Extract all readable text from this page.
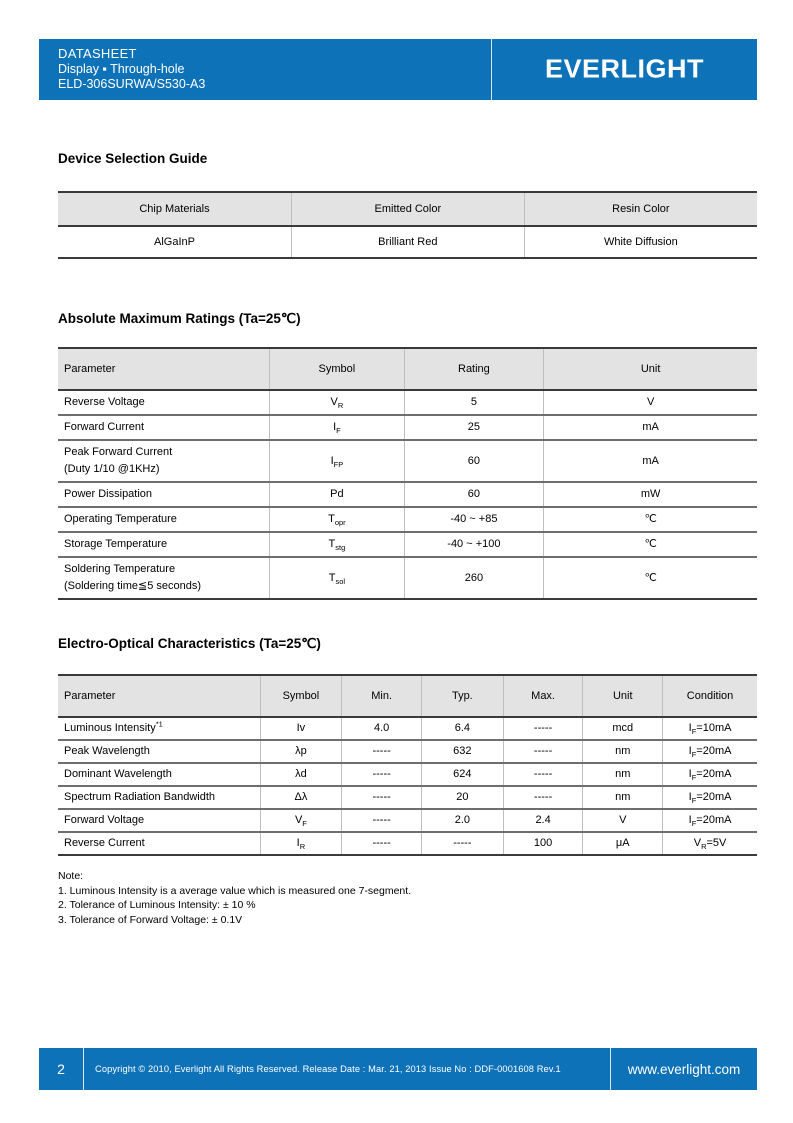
DATASHEET
Display ▪ Through-hole
ELD-306SURWA/S530-A3
EVERLIGHT
Device Selection Guide
Chip Materials	Emitted Color	Resin Color
AlGaInP	Brilliant Red	White Diffusion
Absolute Maximum Ratings (Ta=25℃)
Parameter	Symbol	Rating	Unit
Reverse Voltage	$V_R$	5	V
Forward Current	$I_F$	25	mA
Peak Forward Current
(Duty 1/10 @1KHz)	$I_{FP}$	60	mA
Power Dissipation	Pd	60	mW
Operating Temperature	$T_{opr}$	-40 ~ +85	℃
Storage Temperature	$T_{stg}$	-40 ~ +100	℃
Soldering Temperature
(Soldering time≦5 seconds)	$T_{sol}$	260	℃
Electro-Optical Characteristics (Ta=25℃)
Parameter	Symbol	Min.	Typ.	Max.	Unit	Condition
Luminous Intensity$^{*1}$	Iv	4.0	6.4	-----	mcd	$I_F=10mA$
Peak Wavelength	λp	-----	632	-----	nm	$I_F=20mA$
Dominant Wavelength	λd	-----	624	-----	nm	$I_F=20mA$
Spectrum Radiation Bandwidth	Δλ	-----	20	-----	nm	$I_F=20mA$
Forward Voltage	$V_F$	-----	2.0	2.4	V	$I_F=20mA$
Reverse Current	$I_R$	-----	-----	100	μA	$V_R=5V$

Note:

1. Luminous Intensity is a average value which is measured one 7-segment.

2. Tolerance of Luminous Intensity: ± 10 %

3. Tolerance of Forward Voltage: ± 0.1V

2	Copyright © 2010, Everlight All Rights Reserved. Release Date : Mar. 21, 2013 Issue No : DDF-0001608 Rev.1	www.everlight.com
